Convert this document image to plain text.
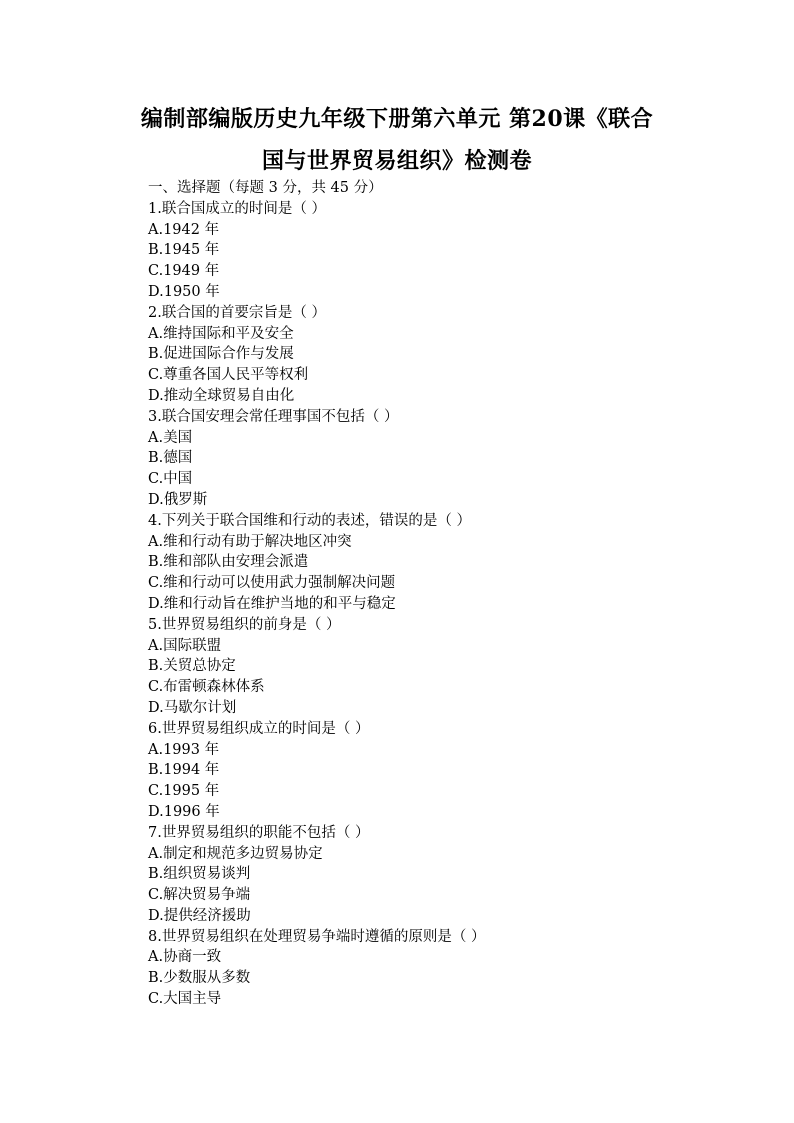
编制部编版历史九年级下册第六单元 第20课《联合
国与世界贸易组织》检测卷
一、选择题（每题 3 分，共 45 分）
1.联合国成立的时间是（ ）
A.1942 年
B.1945 年
C.1949 年
D.1950 年
2.联合国的首要宗旨是（ ）
A.维持国际和平及安全
B.促进国际合作与发展
C.尊重各国人民平等权利
D.推动全球贸易自由化
3.联合国安理会常任理事国不包括（ ）
A.美国
B.德国
C.中国
D.俄罗斯
4.下列关于联合国维和行动的表述，错误的是（ ）
A.维和行动有助于解决地区冲突
B.维和部队由安理会派遣
C.维和行动可以使用武力强制解决问题
D.维和行动旨在维护当地的和平与稳定
5.世界贸易组织的前身是（ ）
A.国际联盟
B.关贸总协定
C.布雷顿森林体系
D.马歇尔计划
6.世界贸易组织成立的时间是（ ）
A.1993 年
B.1994 年
C.1995 年
D.1996 年
7.世界贸易组织的职能不包括（ ）
A.制定和规范多边贸易协定
B.组织贸易谈判
C.解决贸易争端
D.提供经济援助
8.世界贸易组织在处理贸易争端时遵循的原则是（ ）
A.协商一致
B.少数服从多数
C.大国主导
